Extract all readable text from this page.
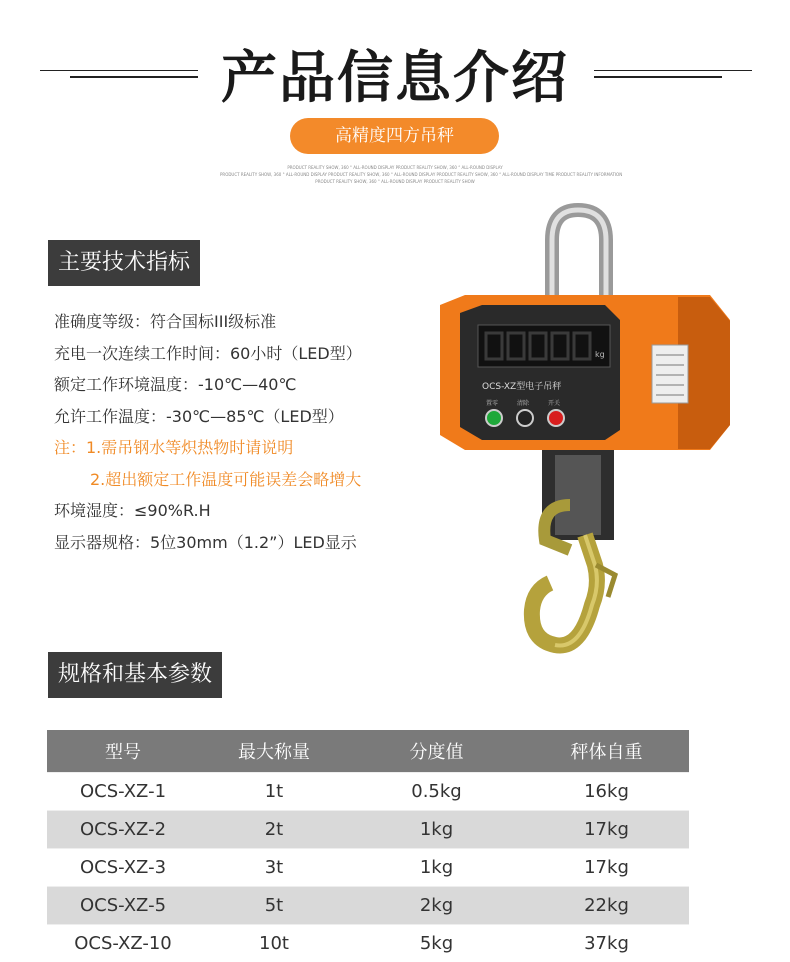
产品信息介绍
高精度四方吊秤
PRODUCT REALITY SHOW, 360 ° ALL-ROUND DISPLAY PRODUCT REALITY SHOW, 360 ° ALL-ROUND DISPLAY
PRODUCT REALITY SHOW, 360 ° ALL-ROUND DISPLAY PRODUCT REALITY SHOW, 360 ° ALL-ROUND DISPLAY PRODUCT REALITY SHOW, 360 ° ALL-ROUND DISPLAY TIME PRODUCT REALITY INFORMATION
PRODUCT REALITY SHOW, 360 ° ALL-ROUND DISPLAY PRODUCT REALITY SHOW
主要技术指标
准确度等级：符合国标III级标准
充电一次连续工作时间：60小时（LED型）
额定工作环境温度：-10℃—40℃
允许工作温度：-30℃—85℃（LED型）
注：1.需吊钢水等炽热物时请说明
2.超出额定工作温度可能误差会略增大
环境湿度：≤90%R.H
显示器规格：5位30mm（1.2”）LED显示
kg
OCS-XZ型电子吊秤
置零	清除	开关
规格和基本参数
型号	最大称量	分度值	秤体自重
OCS-XZ-1	1t	0.5kg	16kg
OCS-XZ-2	2t	1kg	17kg
OCS-XZ-3	3t	1kg	17kg
OCS-XZ-5	5t	2kg	22kg
OCS-XZ-10	10t	5kg	37kg
